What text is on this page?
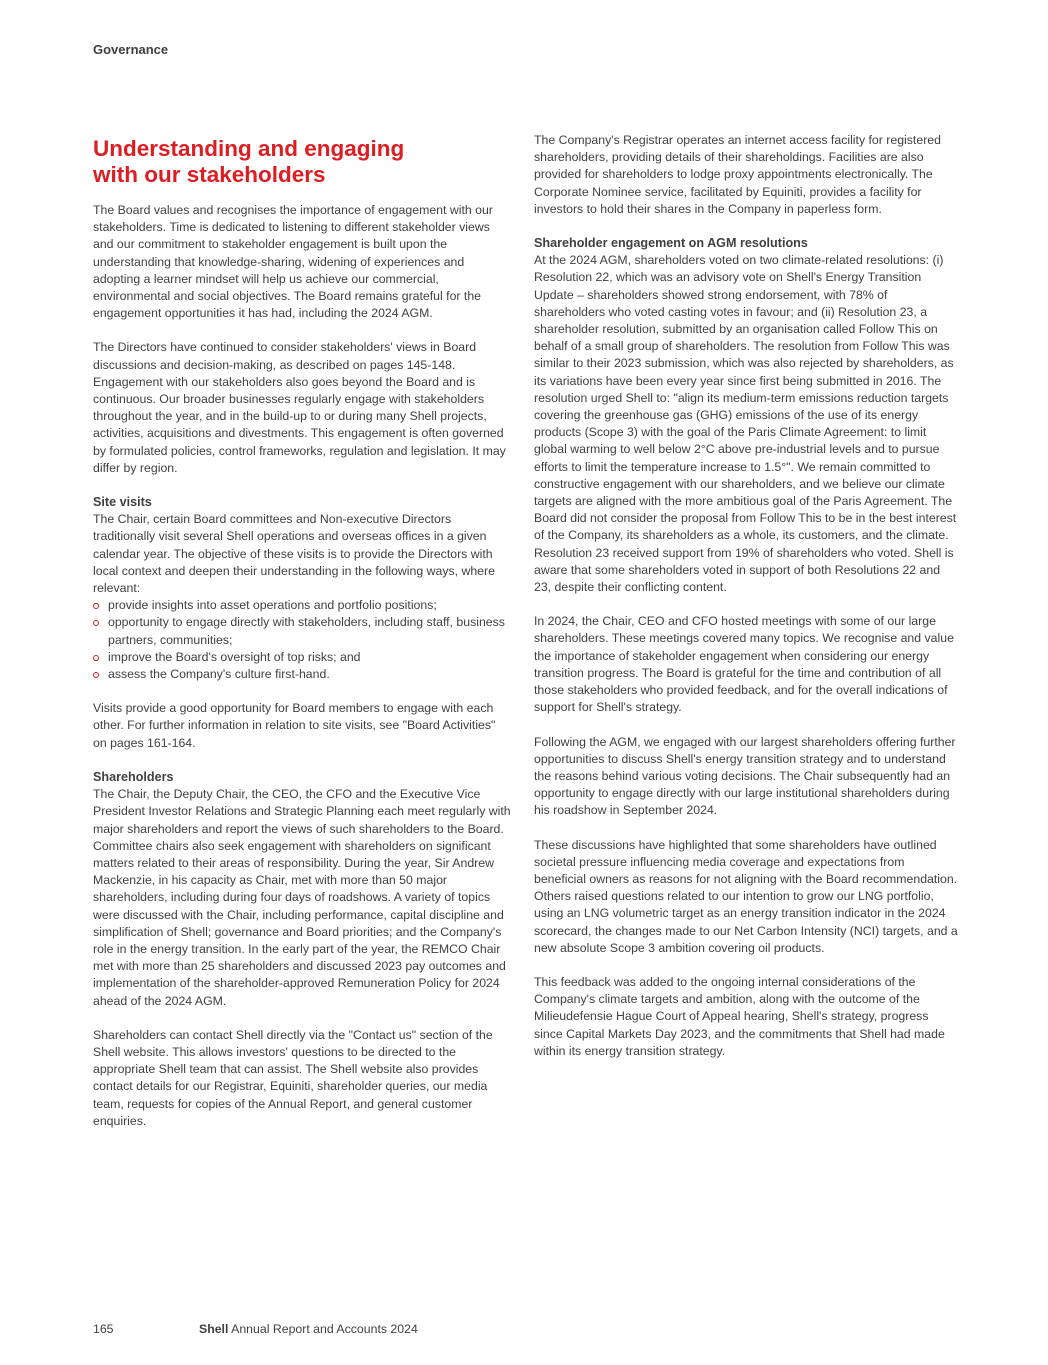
Governance
Understanding and engaging
with our stakeholders

The Board values and recognises the importance of engagement with our stakeholders. Time is dedicated to listening to different stakeholder views and our commitment to stakeholder engagement is built upon the understanding that knowledge-sharing, widening of experiences and adopting a learner mindset will help us achieve our commercial, environmental and social objectives. The Board remains grateful for the engagement opportunities it has had, including the 2024 AGM.

The Directors have continued to consider stakeholders' views in Board discussions and decision-making, as described on pages 145-148. Engagement with our stakeholders also goes beyond the Board and is continuous. Our broader businesses regularly engage with stakeholders throughout the year, and in the build-up to or during many Shell projects, activities, acquisitions and divestments. This engagement is often governed by formulated policies, control frameworks, regulation and legislation. It may differ by region.

Site visits

The Chair, certain Board committees and Non-executive Directors traditionally visit several Shell operations and overseas offices in a given calendar year. The objective of these visits is to provide the Directors with local context and deepen their understanding in the following ways, where relevant:

provide insights into asset operations and portfolio positions;
opportunity to engage directly with stakeholders, including staff, business partners, communities;
improve the Board's oversight of top risks; and
assess the Company's culture first-hand.

Visits provide a good opportunity for Board members to engage with each other. For further information in relation to site visits, see "Board Activities" on pages 161-164.

Shareholders

The Chair, the Deputy Chair, the CEO, the CFO and the Executive Vice President Investor Relations and Strategic Planning each meet regularly with major shareholders and report the views of such shareholders to the Board. Committee chairs also seek engagement with shareholders on significant matters related to their areas of responsibility. During the year, Sir Andrew Mackenzie, in his capacity as Chair, met with more than 50 major shareholders, including during four days of roadshows. A variety of topics were discussed with the Chair, including performance, capital discipline and simplification of Shell; governance and Board priorities; and the Company's role in the energy transition. In the early part of the year, the REMCO Chair met with more than 25 shareholders and discussed 2023 pay outcomes and implementation of the shareholder-approved Remuneration Policy for 2024 ahead of the 2024 AGM.

Shareholders can contact Shell directly via the "Contact us" section of the Shell website. This allows investors' questions to be directed to the appropriate Shell team that can assist. The Shell website also provides contact details for our Registrar, Equiniti, shareholder queries, our media team, requests for copies of the Annual Report, and general customer enquiries.

The Company's Registrar operates an internet access facility for registered shareholders, providing details of their shareholdings. Facilities are also provided for shareholders to lodge proxy appointments electronically. The Corporate Nominee service, facilitated by Equiniti, provides a facility for investors to hold their shares in the Company in paperless form.

Shareholder engagement on AGM resolutions

At the 2024 AGM, shareholders voted on two climate-related resolutions: (i) Resolution 22, which was an advisory vote on Shell's Energy Transition Update – shareholders showed strong endorsement, with 78% of shareholders who voted casting votes in favour; and (ii) Resolution 23, a shareholder resolution, submitted by an organisation called Follow This on behalf of a small group of shareholders. The resolution from Follow This was similar to their 2023 submission, which was also rejected by shareholders, as its variations have been every year since first being submitted in 2016. The resolution urged Shell to: "align its medium-term emissions reduction targets covering the greenhouse gas (GHG) emissions of the use of its energy products (Scope 3) with the goal of the Paris Climate Agreement: to limit global warming to well below 2°C above pre-industrial levels and to pursue efforts to limit the temperature increase to 1.5°". We remain committed to constructive engagement with our shareholders, and we believe our climate targets are aligned with the more ambitious goal of the Paris Agreement. The Board did not consider the proposal from Follow This to be in the best interest of the Company, its shareholders as a whole, its customers, and the climate. Resolution 23 received support from 19% of shareholders who voted. Shell is aware that some shareholders voted in support of both Resolutions 22 and 23, despite their conflicting content.

In 2024, the Chair, CEO and CFO hosted meetings with some of our large shareholders. These meetings covered many topics. We recognise and value the importance of stakeholder engagement when considering our energy transition progress. The Board is grateful for the time and contribution of all those stakeholders who provided feedback, and for the overall indications of support for Shell's strategy.

Following the AGM, we engaged with our largest shareholders offering further opportunities to discuss Shell's energy transition strategy and to understand the reasons behind various voting decisions. The Chair subsequently had an opportunity to engage directly with our large institutional shareholders during his roadshow in September 2024.

These discussions have highlighted that some shareholders have outlined societal pressure influencing media coverage and expectations from beneficial owners as reasons for not aligning with the Board recommendation. Others raised questions related to our intention to grow our LNG portfolio, using an LNG volumetric target as an energy transition indicator in the 2024 scorecard, the changes made to our Net Carbon Intensity (NCI) targets, and a new absolute Scope 3 ambition covering oil products.

This feedback was added to the ongoing internal considerations of the Company's climate targets and ambition, along with the outcome of the Milieudefensie Hague Court of Appeal hearing, Shell's strategy, progress since Capital Markets Day 2023, and the commitments that Shell had made within its energy transition strategy.

165	Shell Annual Report and Accounts 2024
